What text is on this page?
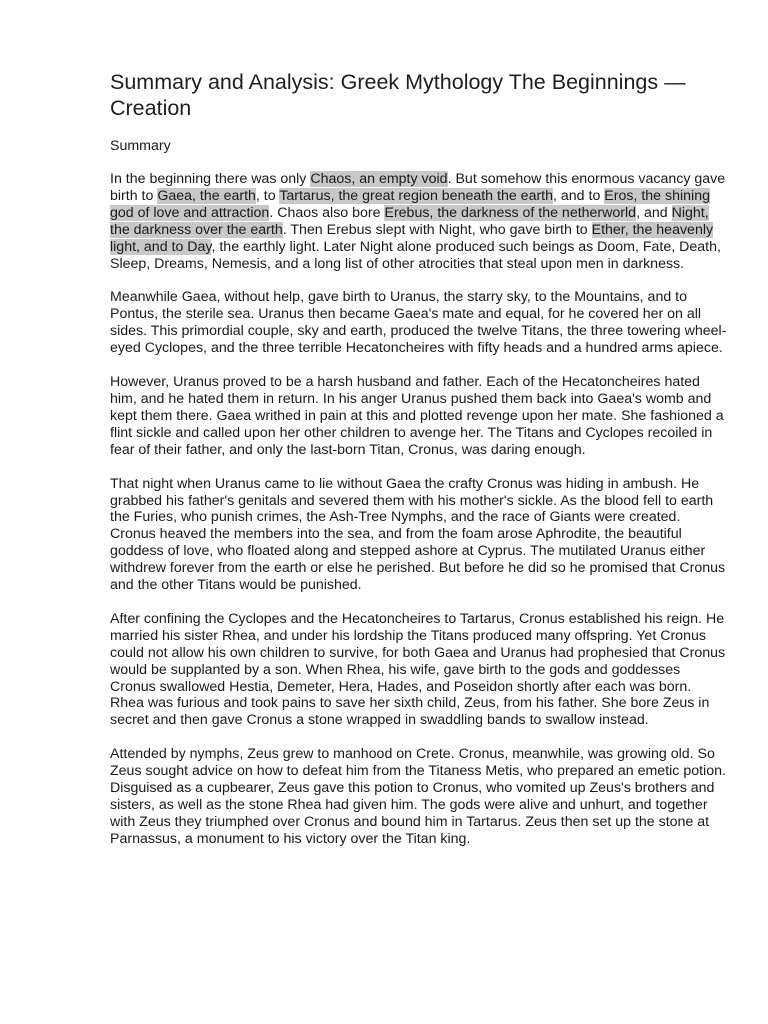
Summary and Analysis: Greek Mythology The Beginnings — Creation
Summary

In the beginning there was only Chaos, an empty void. But somehow this enormous vacancy gave birth to Gaea, the earth, to Tartarus, the great region beneath the earth, and to Eros, the shining god of love and attraction. Chaos also bore Erebus, the darkness of the netherworld, and Night, the darkness over the earth. Then Erebus slept with Night, who gave birth to Ether, the heavenly light, and to Day, the earthly light. Later Night alone produced such beings as Doom, Fate, Death, Sleep, Dreams, Nemesis, and a long list of other atrocities that steal upon men in darkness.

Meanwhile Gaea, without help, gave birth to Uranus, the starry sky, to the Mountains, and to Pontus, the sterile sea. Uranus then became Gaea's mate and equal, for he covered her on all sides. This primordial couple, sky and earth, produced the twelve Titans, the three towering wheel-eyed Cyclopes, and the three terrible Hecatoncheires with fifty heads and a hundred arms apiece.

However, Uranus proved to be a harsh husband and father. Each of the Hecatoncheires hated him, and he hated them in return. In his anger Uranus pushed them back into Gaea's womb and kept them there. Gaea writhed in pain at this and plotted revenge upon her mate. She fashioned a flint sickle and called upon her other children to avenge her. The Titans and Cyclopes recoiled in fear of their father, and only the last-born Titan, Cronus, was daring enough.

That night when Uranus came to lie without Gaea the crafty Cronus was hiding in ambush. He grabbed his father's genitals and severed them with his mother's sickle. As the blood fell to earth the Furies, who punish crimes, the Ash-Tree Nymphs, and the race of Giants were created. Cronus heaved the members into the sea, and from the foam arose Aphrodite, the beautiful goddess of love, who floated along and stepped ashore at Cyprus. The mutilated Uranus either withdrew forever from the earth or else he perished. But before he did so he promised that Cronus and the other Titans would be punished.

After confining the Cyclopes and the Hecatoncheires to Tartarus, Cronus established his reign. He married his sister Rhea, and under his lordship the Titans produced many offspring. Yet Cronus could not allow his own children to survive, for both Gaea and Uranus had prophesied that Cronus would be supplanted by a son. When Rhea, his wife, gave birth to the gods and goddesses Cronus swallowed Hestia, Demeter, Hera, Hades, and Poseidon shortly after each was born. Rhea was furious and took pains to save her sixth child, Zeus, from his father. She bore Zeus in secret and then gave Cronus a stone wrapped in swaddling bands to swallow instead.

Attended by nymphs, Zeus grew to manhood on Crete. Cronus, meanwhile, was growing old. So Zeus sought advice on how to defeat him from the Titaness Metis, who prepared an emetic potion. Disguised as a cupbearer, Zeus gave this potion to Cronus, who vomited up Zeus's brothers and sisters, as well as the stone Rhea had given him. The gods were alive and unhurt, and together with Zeus they triumphed over Cronus and bound him in Tartarus. Zeus then set up the stone at Parnassus, a monument to his victory over the Titan king.
